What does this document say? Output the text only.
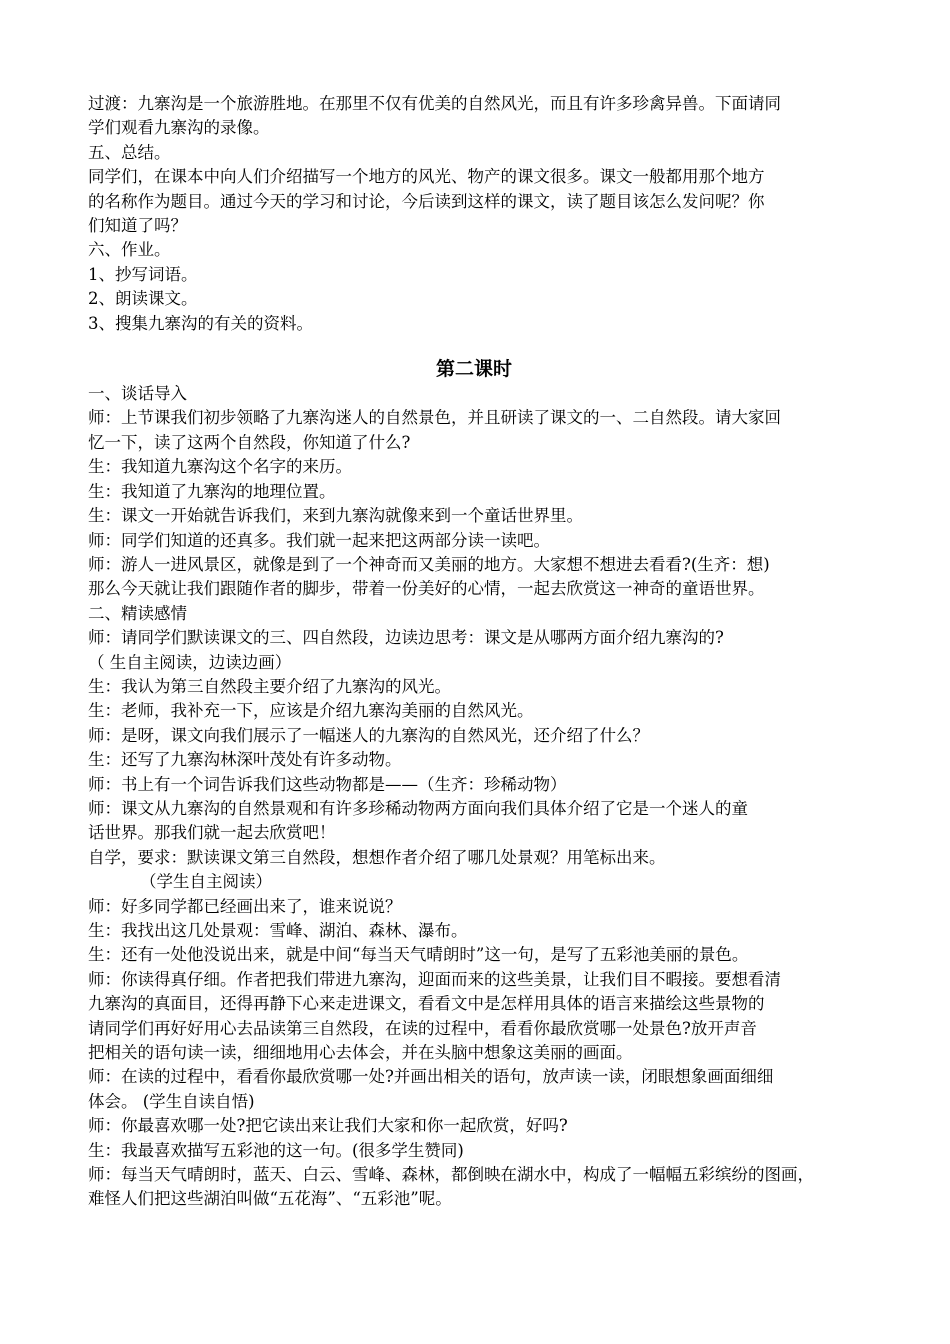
过渡：九寨沟是一个旅游胜地。在那里不仅有优美的自然风光，而且有许多珍禽异兽。下面请同
学们观看九寨沟的录像。
五、总结。
同学们，在课本中向人们介绍描写一个地方的风光、物产的课文很多。课文一般都用那个地方
的名称作为题目。通过今天的学习和讨论，今后读到这样的课文，读了题目该怎么发问呢？你
们知道了吗？
六、作业。
1、抄写词语。
2、朗读课文。
3、搜集九寨沟的有关的资料。
第二课时
一、谈话导入
师：上节课我们初步领略了九寨沟迷人的自然景色，并且研读了课文的一、二自然段。请大家回
忆一下，读了这两个自然段，你知道了什么?
生：我知道九寨沟这个名字的来历。
生：我知道了九寨沟的地理位置。
生：课文一开始就告诉我们，来到九寨沟就像来到一个童话世界里。
师：同学们知道的还真多。我们就一起来把这两部分读一读吧。
师：游人一进风景区，就像是到了一个神奇而又美丽的地方。大家想不想进去看看?(生齐：想)
那么今天就让我们跟随作者的脚步，带着一份美好的心情，一起去欣赏这一神奇的童语世界。
二、精读感情
师：请同学们默读课文的三、四自然段，边读边思考：课文是从哪两方面介绍九寨沟的?
（ 生自主阅读，边读边画）
生：我认为第三自然段主要介绍了九寨沟的风光。
生：老师，我补充一下，应该是介绍九寨沟美丽的自然风光。
师：是呀，课文向我们展示了一幅迷人的九寨沟的自然风光，还介绍了什么？
生：还写了九寨沟林深叶茂处有许多动物。
师：书上有一个词告诉我们这些动物都是——（生齐：珍稀动物）
师：课文从九寨沟的自然景观和有许多珍稀动物两方面向我们具体介绍了它是一个迷人的童
话世界。那我们就一起去欣赏吧！
自学，要求：默读课文第三自然段，想想作者介绍了哪几处景观？用笔标出来。
（学生自主阅读）
师：好多同学都已经画出来了，谁来说说？
生：我找出这几处景观：雪峰、湖泊、森林、瀑布。
生：还有一处他没说出来，就是中间“每当天气晴朗时”这一句，是写了五彩池美丽的景色。
师：你读得真仔细。作者把我们带进九寨沟，迎面而来的这些美景，让我们目不暇接。要想看清
九寨沟的真面目，还得再静下心来走进课文，看看文中是怎样用具体的语言来描绘这些景物的
请同学们再好好用心去品读第三自然段，在读的过程中，看看你最欣赏哪一处景色?放开声音
把相关的语句读一读，细细地用心去体会，并在头脑中想象这美丽的画面。
师：在读的过程中，看看你最欣赏哪一处?并画出相关的语句，放声读一读，闭眼想象画面细细
体会。 (学生自读自悟)
师：你最喜欢哪一处?把它读出来让我们大家和你一起欣赏，好吗?
生：我最喜欢描写五彩池的这一句。(很多学生赞同)
师：每当天气晴朗时，蓝天、白云、雪峰、森林，都倒映在湖水中，构成了一幅幅五彩缤纷的图画，
难怪人们把这些湖泊叫做“五花海”、“五彩池”呢。
